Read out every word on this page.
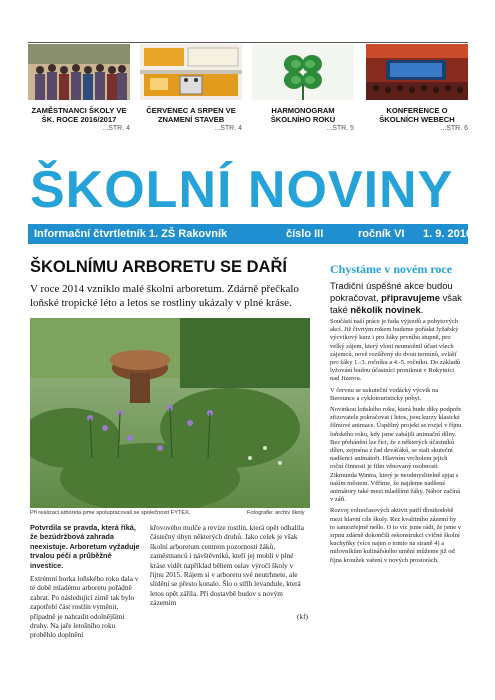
ZAMĚSTNANCI ŠKOLY VE ŠK. ROCE 2016/2017
...STR. 4
ČERVENEC A SRPEN VE ZNAMENÍ STAVEB
...STR. 4
HARMONOGRAM ŠKOLNÍHO ROKU
...STR. 5
KONFERENCE O ŠKOLNÍCH WEBECH
...STR. 6
ŠKOLNÍ NOVINY
Informační čtvrtletník 1. ZŠ Rakovník	číslo III	ročník VI 1. 9. 2016
ŠKOLNÍMU ARBORETU SE DAŘÍ
V roce 2014 vzniklo malé školní arboretum. Zdárně přečkalo loňské tropické léto a letos se rostliny ukázaly v plné kráse.
Při realizaci arboreta jsme spolupracovali se společností FYTEX.	Fotografie: archiv školy

Potvrdila se pravda, která říká, že bezúdržbová zahrada neexistuje. Arboretum vyžaduje trvalou péči a průběžné investice.

Extrémní horka loňského roku dala v té době mladému arboretu pořádně zabrat. Po následující zimě tak bylo zapotřebí část rostlin vyměnit, případně je nahradit odolnějšími druhy. Na jaře letošního roku proběhlo doplnění

křovového mulče a revize rostlin, která opět odhalila částečný úhyn některých druhů. Jako celek je však školní arboretum centrem pozornosti žáků, zaměstnanců i návštěvníků, kteří jej mohli v plné kráse vidět například během oslav výročí školy v říjnu 2015. Rájem si v arboretu své neutrhnete, ale slídění se přesto konalo. Šlo o stříh levandule, která letos opět zářila. Při dostavbě budov s novým zázemím

(kf)

Chystáme v novém roce
Tradiční úspěšné akce budou pokračovat, připravujeme však také několik novinek.

Součástí naší práce je řada výjezdů a pobytových akcí. Již čtvrtým rokem budeme pořádat lyžařský výcvikový kurz i pro žáky prvního stupně, pro velký zájem, který vloni neumožnil účast všech zájemců, nově rozšířený do dvou termínů, zvlášť pro žáky 1.-3. ročníku a 4.-5. ročníku. Do základů lyžování budou účastníci proniknut v Rokytnici nad Jizerou.

V červnu se uskuteční vodácký výcvik na Berounce a cyklotouristický pobyt.

Novinkou loňského roku, která bude díky podpoře zřizovatele pokračovat i letos, jsou kurzy klasické filmové animace. Úspěšný projekt se rozjel v říjnu loňského roku, kdy jsme zahájili animační dílny. Bez přehánění lze říct, že z některých účastníků dílen, zejména z řad deváťáků, se stali skuteční nadšenci animátoři. Hlavním vrcholem jejich roční činnosti je film věnovaný osobnosti Zikmunda Wintra, který je neodmyslitelně spjat s naším městem. Věříme, že najdeme nadšené animátory také mezi mladšími žáky. Nábor začíná v září.

Rozvoj volnočasových aktivit patří dlouhodobě mezi hlavní cíle školy. Rez kvalitního zázemí by to samozřejmě nešlo. O to víc jsme rádi, že jsme v srpnu zdárně dokončili rekonstrukci cvičné školní kuchyňky (více najen o tomto na straně 4) a milovníkům kulinářského umění můžeme již od října kroužek vaření v nových prostorách.
